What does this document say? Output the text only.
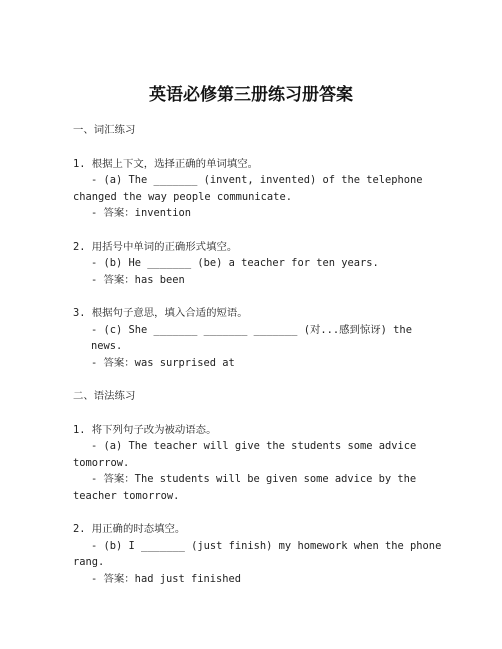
英语必修第三册练习册答案

一、词汇练习

1. 根据上下文，选择正确的单词填空。

- (a) The _______ (invent, invented) of the telephone

changed the way people communicate.

- 答案：invention

2. 用括号中单词的正确形式填空。

- (b) He _______ (be) a teacher for ten years.

- 答案：has been

3. 根据句子意思，填入合适的短语。

- (c) She _______ _______ _______ (对...感到惊讶) the news.

- 答案：was surprised at

二、语法练习

1. 将下列句子改为被动语态。

- (a) The teacher will give the students some advice

tomorrow.

- 答案：The students will be given some advice by the

teacher tomorrow.

2. 用正确的时态填空。

- (b) I _______ (just finish) my homework when the phone

rang.

- 答案：had just finished
